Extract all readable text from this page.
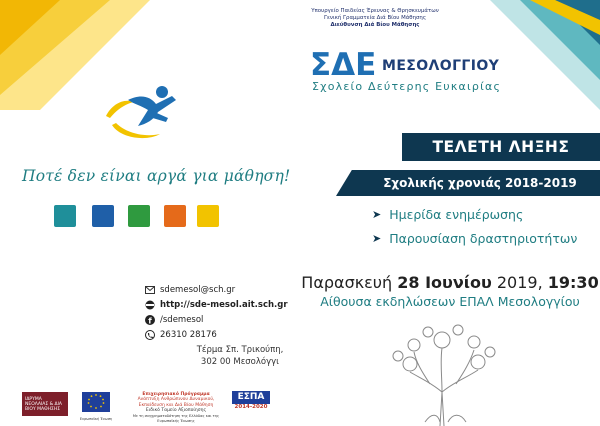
Ποτέ δεν είναι αργά για μάθηση!
sdemesol@sch.gr
http://sde-mesol.ait.sch.gr
f /sdemesol
26310 28176
Τέρμα Σπ. Τρικούπη,
302 00 Μεσολόγγι
ΙΔΡΥΜΑ ΝΕΟΛΑΙΑΣ & ΔΙΑ ΒΙΟΥ ΜΑΘΗΣΗΣ
Ευρωπαϊκή Ένωση
Επιχειρησιακό Πρόγραμμα
Ανάπτυξη Ανθρώπινου Δυναμικού,
Εκπαίδευση και Διά Βίου Μάθηση
Ειδικό Ταμείο Αξιοποίησης
Με τη συγχρηματοδότηση της Ελλάδας και της Ευρωπαϊκής Ένωσης
ΕΣΠΑ
2014-2020
Υπουργείο Παιδείας Έρευνας & Θρησκευμάτων
Γενική Γραμματεία Διά Βίου Μάθησης
Διεύθυνση Διά Βίου Μάθησης
ΣΔΕ ΜΕΣΟΛΟΓΓΙΟΥ
Σχολείο Δεύτερης Ευκαιρίας
ΤΕΛΕΤΗ ΛΗΞΗΣ
Σχολικής χρονιάς 2018-2019
➤ Ημερίδα ενημέρωσης
➤ Παρουσίαση δραστηριοτήτων
Παρασκευή 28 Ιουνίου 2019, 19:30
Αίθουσα εκδηλώσεων ΕΠΑΛ Μεσολογγίου
